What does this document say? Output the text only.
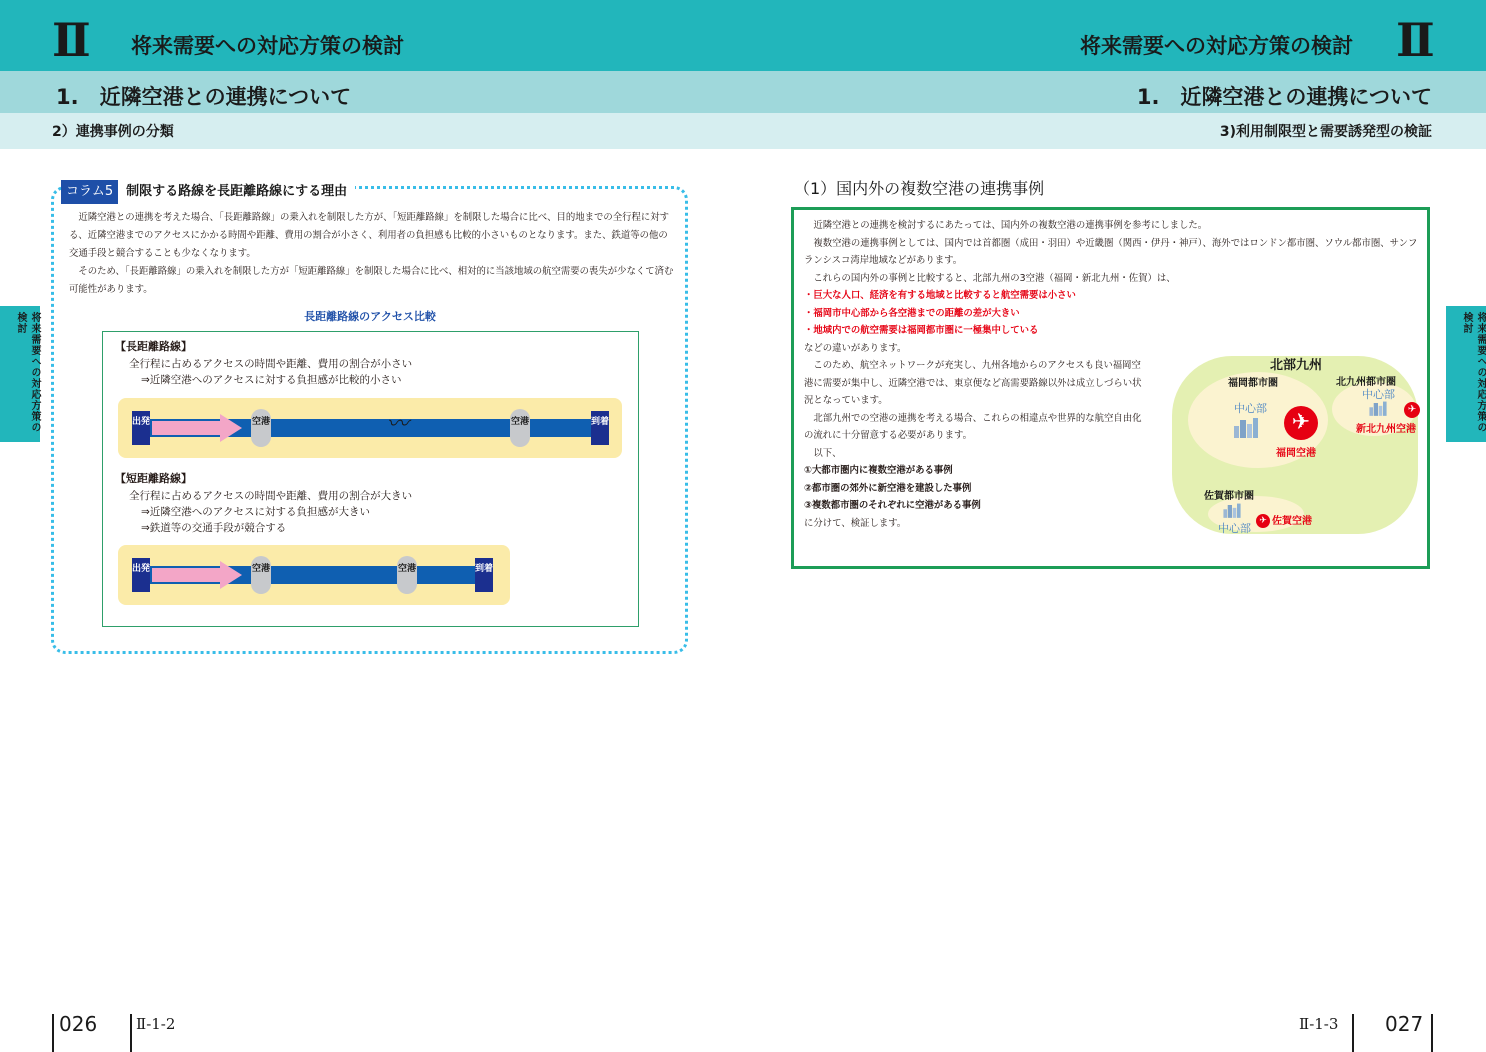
Ⅱ 将来需要への対応方策の検討	将来需要への対応方策の検討 Ⅱ
1.　近隣空港との連携について	1.　近隣空港との連携について
2）連携事例の分類	3)利用制限型と需要誘発型の検証
将来需要への対応方策の検討	将来需要への対応方策の検討
コラム5	制限する路線を長距離路線にする理由

近隣空港との連携を考えた場合、「長距離路線」の乗入れを制限した方が、「短距離路線」を制限した場合に比べ、目的地までの全行程に対する、近隣空港までのアクセスにかかる時間や距離、費用の割合が小さく、利用者の負担感も比較的小さいものとなります。また、鉄道等の他の交通手段と競合することも少なくなります。

そのため、「長距離路線」の乗入れを制限した方が「短距離路線」を制限した場合に比べ、相対的に当該地域の航空需要の喪失が少なくて済む可能性があります。

長距離路線のアクセス比較
【長距離路線】
全行程に占めるアクセスの時間や距離、費用の割合が小さい
⇒近隣空港へのアクセスに対する負担感が比較的小さい
出発	空港	〰	空港	到着
【短距離路線】
全行程に占めるアクセスの時間や距離、費用の割合が大きい
⇒近隣空港へのアクセスに対する負担感が大きい
⇒鉄道等の交通手段が競合する
出発	空港	空港	到着
（1）国内外の複数空港の連携事例

近隣空港との連携を検討するにあたっては、国内外の複数空港の連携事例を参考にしました。

複数空港の連携事例としては、国内では首都圏（成田・羽田）や近畿圏（関西・伊丹・神戸）、海外ではロンドン都市圏、ソウル都市圏、サンフランシスコ湾岸地域などがあります。

これらの国内外の事例と比較すると、北部九州の3空港（福岡・新北九州・佐賀）は、

・巨大な人口、経済を有する地域と比較すると航空需要は小さい

・福岡市中心部から各空港までの距離の差が大きい

・地域内での航空需要は福岡都市圏に一極集中している

などの違いがあります。

このため、航空ネットワークが充実し、九州各地からのアクセスも良い福岡空港に需要が集中し、近隣空港では、東京便など高需要路線以外は成立しづらい状況となっています。

北部九州での空港の連携を考える場合、これらの相違点や世界的な航空自由化の流れに十分留意する必要があります。

以下、

①大都市圏内に複数空港がある事例

②都市圏の郊外に新空港を建設した事例

③複数都市圏のそれぞれに空港がある事例

に分けて、検証します。

北部九州
福岡都市圏	北九州都市圏
佐賀都市圏
中心部
✈
福岡空港
中心部
✈
新北九州空港
中心部
✈ 佐賀空港
026	Ⅱ-1-2	Ⅱ-1-3 027
